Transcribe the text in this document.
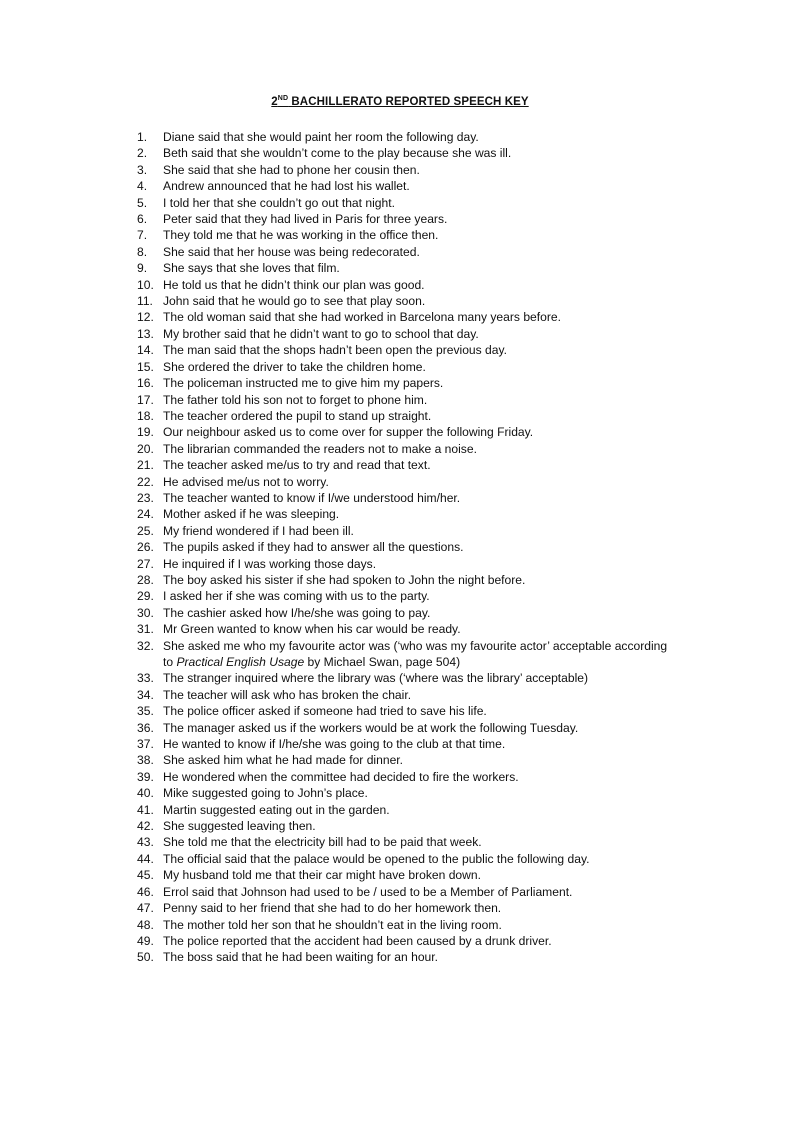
2ND BACHILLERATO REPORTED SPEECH KEY
1.	Diane said that she would paint her room the following day.
2.	Beth said that she wouldn’t come to the play because she was ill.
3.	She said that she had to phone her cousin then.
4.	Andrew announced that he had lost his wallet.
5.	I told her that she couldn’t go out that night.
6.	Peter said that they had lived in Paris for three years.
7.	They told me that he was working in the office then.
8.	She said that her house was being redecorated.
9.	She says that she loves that film.
10. He told us that he didn’t think our plan was good.
11. John said that he would go to see that play soon.
12. The old woman said that she had worked in Barcelona many years before.
13. My brother said that he didn’t want to go to school that day.
14. The man said that the shops hadn’t been open the previous day.
15. She ordered the driver to take the children home.
16. The policeman instructed me to give him my papers.
17. The father told his son not to forget to phone him.
18. The teacher ordered the pupil to stand up straight.
19. Our neighbour asked us to come over for supper the following Friday.
20. The librarian commanded the readers not to make a noise.
21. The teacher asked me/us to try and read that text.
22. He advised me/us not to worry.
23. The teacher wanted to know if I/we understood him/her.
24. Mother asked if he was sleeping.
25. My friend wondered if I had been ill.
26. The pupils asked if they had to answer all the questions.
27. He inquired if I was working those days.
28. The boy asked his sister if she had spoken to John the night before.
29. I asked her if she was coming with us to the party.
30. The cashier asked how I/he/she was going to pay.
31. Mr Green wanted to know when his car would be ready.
32. She asked me who my favourite actor was (‘who was my favourite actor’ acceptable according
to Practical English Usage by Michael Swan, page 504)
33. The stranger inquired where the library was (‘where was the library’ acceptable)
34. The teacher will ask who has broken the chair.
35. The police officer asked if someone had tried to save his life.
36. The manager asked us if the workers would be at work the following Tuesday.
37. He wanted to know if I/he/she was going to the club at that time.
38. She asked him what he had made for dinner.
39. He wondered when the committee had decided to fire the workers.
40. Mike suggested going to John’s place.
41. Martin suggested eating out in the garden.
42. She suggested leaving then.
43. She told me that the electricity bill had to be paid that week.
44. The official said that the palace would be opened to the public the following day.
45. My husband told me that their car might have broken down.
46. Errol said that Johnson had used to be / used to be a Member of Parliament.
47. Penny said to her friend that she had to do her homework then.
48. The mother told her son that he shouldn’t eat in the living room.
49. The police reported that the accident had been caused by a drunk driver.
50. The boss said that he had been waiting for an hour.
